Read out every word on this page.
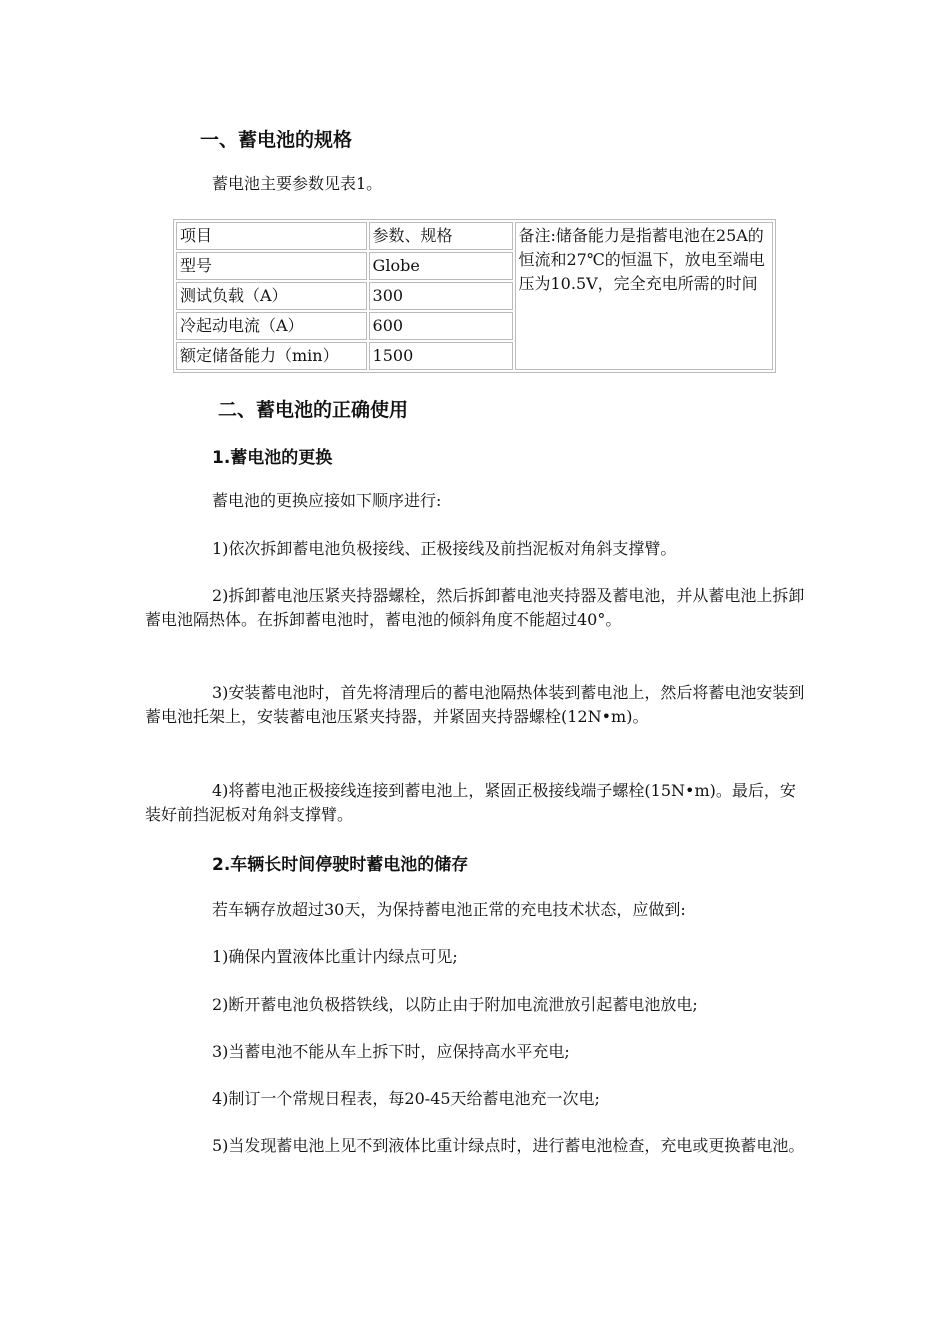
一、蓄电池的规格
蓄电池主要参数见表1。
项目	参数、规格	备注:储备能力是指蓄电池在25A的恒流和27℃的恒温下，放电至端电压为10.5V，完全充电所需的时间
型号	Globe	
测试负载（A）	300	
冷起动电流（A）	600	
额定储备能力（min）	1500	
二、蓄电池的正确使用
1.蓄电池的更换
蓄电池的更换应接如下顺序进行:
1)依次拆卸蓄电池负极接线、正极接线及前挡泥板对角斜支撑臂。
2)拆卸蓄电池压紧夹持器螺栓，然后拆卸蓄电池夹持器及蓄电池，并从蓄电池上拆卸蓄电池隔热体。在拆卸蓄电池时，蓄电池的倾斜角度不能超过40°。
3)安装蓄电池时，首先将清理后的蓄电池隔热体装到蓄电池上，然后将蓄电池安装到蓄电池托架上，安装蓄电池压紧夹持器，并紧固夹持器螺栓(12N•m)。
4)将蓄电池正极接线连接到蓄电池上，紧固正极接线端子螺栓(15N•m)。最后，安装好前挡泥板对角斜支撑臂。
2.车辆长时间停驶时蓄电池的储存
若车辆存放超过30天，为保持蓄电池正常的充电技术状态，应做到:
1)确保内置液体比重计内绿点可见;
2)断开蓄电池负极搭铁线，以防止由于附加电流泄放引起蓄电池放电;
3)当蓄电池不能从车上拆下时，应保持高水平充电;
4)制订一个常规日程表，每20-45天给蓄电池充一次电;
5)当发现蓄电池上见不到液体比重计绿点时，进行蓄电池检查，充电或更换蓄电池。
